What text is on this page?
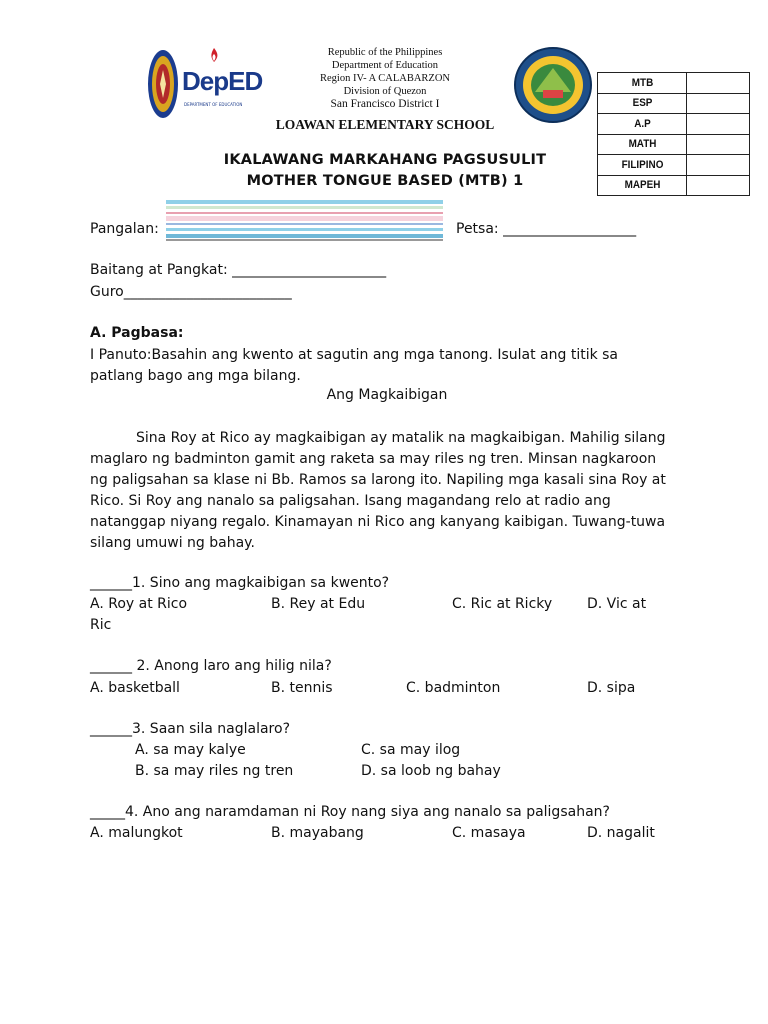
DepED
DEPARTMENT OF EDUCATION
Republic of the Philippines
Department of Education
Region IV- A CALABARZON
Division of Quezon
San Francisco District I
LOAWAN ELEMENTARY SCHOOL
MTB	
ESP	
A.P	
MATH	
FILIPINO	
MAPEH	
IKALAWANG MARKAHANG PAGSUSULIT
MOTHER TONGUE BASED (MTB) 1
Pangalan:	Petsa: ___________________
Baitang at Pangkat: ______________________
Guro________________________
A. Pagbasa:
I Panuto:Basahin ang kwento at sagutin ang mga tanong. Isulat ang titik sa patlang bago ang mga bilang.
Ang Magkaibigan
Sina Roy at Rico ay magkaibigan ay matalik na magkaibigan. Mahilig silang maglaro ng badminton gamit ang raketa sa may riles ng tren. Minsan nagkaroon ng paligsahan sa klase ni Bb. Ramos sa larong ito. Napiling mga kasali sina Roy at Rico. Si Roy ang nanalo sa paligsahan. Isang magandang relo at radio ang natanggap niyang regalo. Kinamayan ni Rico ang kanyang kaibigan. Tuwang-tuwa silang umuwi ng bahay.
______1. Sino ang magkaibigan sa kwento?
A. Roy at Rico	B. Rey at Edu	C. Ric at Ricky D. Vic at
Ric
______ 2. Anong laro ang hilig nila?
A. basketball	B. tennis	C. badminton	D. sipa
______3. Saan sila naglalaro?
A. sa may kalye	C. sa may ilog
B. sa may riles ng tren	D. sa loob ng bahay
_____4. Ano ang naramdaman ni Roy nang siya ang nanalo sa paligsahan?
A. malungkot	B. mayabang	C. masaya	D. nagalit
